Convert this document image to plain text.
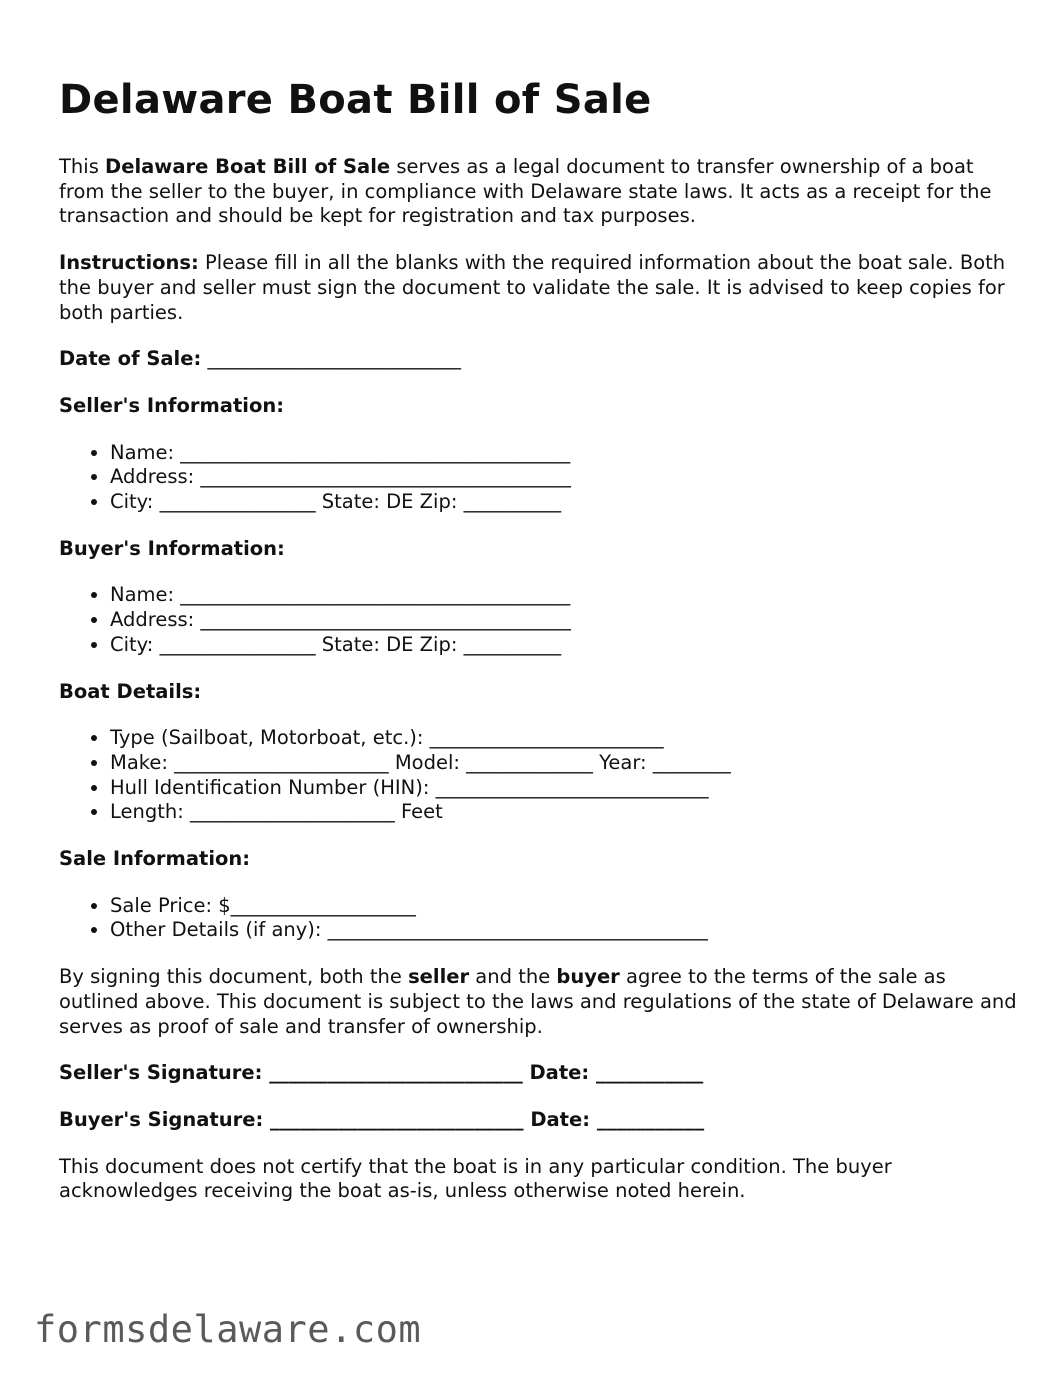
Delaware Boat Bill of Sale

This Delaware Boat Bill of Sale serves as a legal document to transfer ownership of a boat from the seller to the buyer, in compliance with Delaware state laws. It acts as a receipt for the transaction and should be kept for registration and tax purposes.

Instructions: Please fill in all the blanks with the required information about the boat sale. Both the buyer and seller must sign the document to validate the sale. It is advised to keep copies for both parties.

Date of Sale: __________________________
Seller's Information:
• Name: ________________________________________
• Address: ______________________________________
• City: ________________ State: DE Zip: __________
Buyer's Information:
• Name: ________________________________________
• Address: ______________________________________
• City: ________________ State: DE Zip: __________
Boat Details:
• Type (Sailboat, Motorboat, etc.): ________________________
• Make: ______________________ Model: _____________ Year: ________
• Hull Identification Number (HIN): ____________________________
• Length: _____________________ Feet
Sale Information:
• Sale Price: $___________________
• Other Details (if any): _______________________________________

By signing this document, both the seller and the buyer agree to the terms of the sale as outlined above. This document is subject to the laws and regulations of the state of Delaware and serves as proof of sale and transfer of ownership.

Seller's Signature: __________________________ Date: ___________
Buyer's Signature: __________________________ Date: ___________

This document does not certify that the boat is in any particular condition. The buyer acknowledges receiving the boat as-is, unless otherwise noted herein.

formsdelaware.com
